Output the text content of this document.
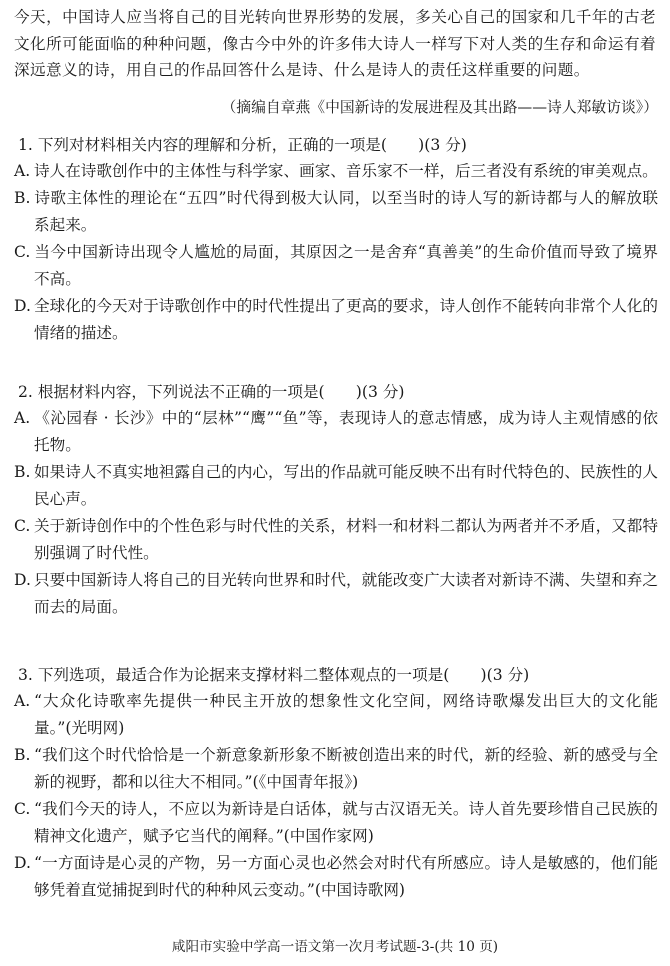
今天，中国诗人应当将自己的目光转向世界形势的发展，多关心自己的国家和几千年的古老文化所可能面临的种种问题，像古今中外的许多伟大诗人一样写下对人类的生存和命运有着深远意义的诗，用自己的作品回答什么是诗、什么是诗人的责任这样重要的问题。
（摘编自章燕《中国新诗的发展进程及其出路——诗人郑敏访谈》）
1. 下列对材料相关内容的理解和分析，正确的一项是(　　)(3 分)
A. 诗人在诗歌创作中的主体性与科学家、画家、音乐家不一样，后三者没有系统的审美观点。
B. 诗歌主体性的理论在“五四”时代得到极大认同，以至当时的诗人写的新诗都与人的解放联系起来。
C. 当今中国新诗出现令人尴尬的局面，其原因之一是舍弃“真善美”的生命价值而导致了境界不高。
D. 全球化的今天对于诗歌创作中的时代性提出了更高的要求，诗人创作不能转向非常个人化的情绪的描述。
2. 根据材料内容，下列说法不正确的一项是(　　)(3 分)
A. 《沁园春 · 长沙》中的“层林”“鹰”“鱼”等，表现诗人的意志情感，成为诗人主观情感的依托物。
B. 如果诗人不真实地袒露自己的内心，写出的作品就可能反映不出有时代特色的、民族性的人民心声。
C. 关于新诗创作中的个性色彩与时代性的关系，材料一和材料二都认为两者并不矛盾，又都特别强调了时代性。
D. 只要中国新诗人将自己的目光转向世界和时代，就能改变广大读者对新诗不满、失望和弃之而去的局面。
3. 下列选项，最适合作为论据来支撑材料二整体观点的一项是(　　)(3 分)
A. “大众化诗歌率先提供一种民主开放的想象性文化空间，网络诗歌爆发出巨大的文化能量。”(光明网)
B. “我们这个时代恰恰是一个新意象新形象不断被创造出来的时代，新的经验、新的感受与全新的视野，都和以往大不相同。”(《中国青年报》)
C. “我们今天的诗人，不应以为新诗是白话体，就与古汉语无关。诗人首先要珍惜自己民族的精神文化遗产，赋予它当代的阐释。”(中国作家网)
D. “一方面诗是心灵的产物，另一方面心灵也必然会对时代有所感应。诗人是敏感的，他们能够凭着直觉捕捉到时代的种种风云变动。”(中国诗歌网)
咸阳市实验中学高一语文第一次月考试题-3-(共 10 页)
